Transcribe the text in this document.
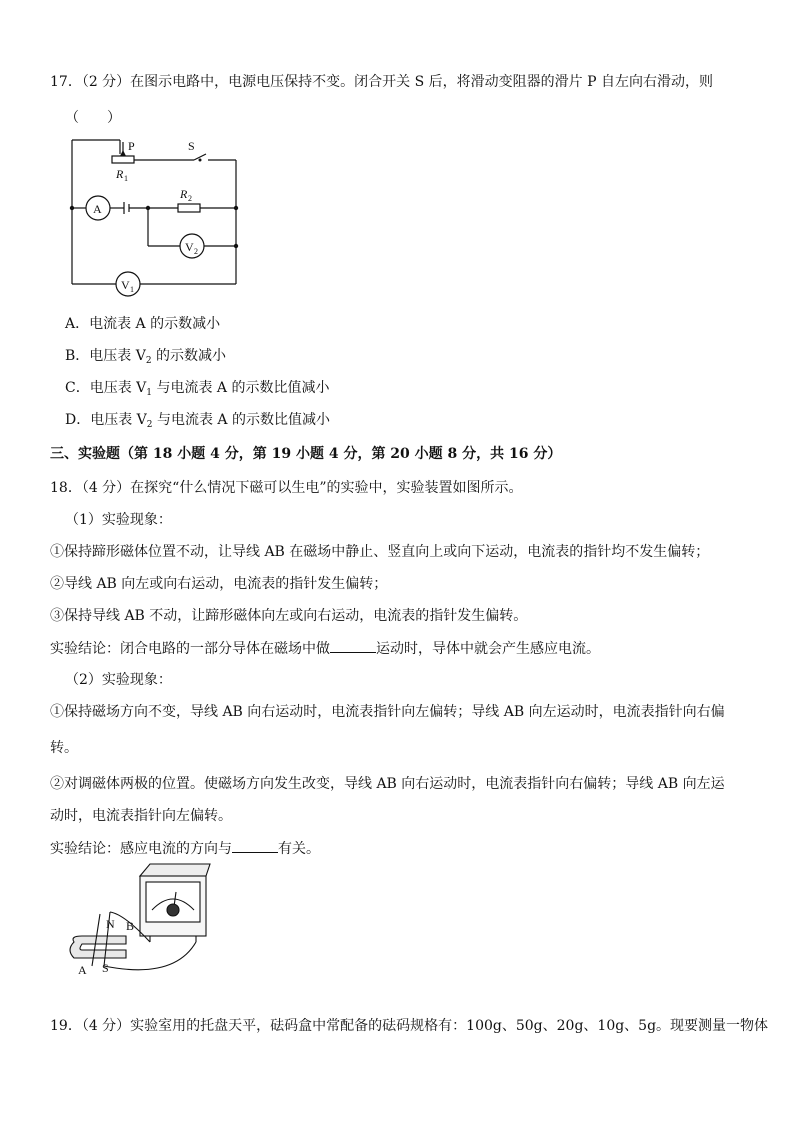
17．（2 分）在图示电路中，电源电压保持不变。闭合开关 S 后，将滑动变阻器的滑片 P 自左向右滑动，则
（　　）
P	S
R 1
R 2
A
V 2
V 1
A．电流表 A 的示数减小
B．电压表 $V_2$ 的示数减小
C．电压表 $V_1$ 与电流表 A 的示数比值减小
D．电压表 $V_2$ 与电流表 A 的示数比值减小
三、实验题（第 18 小题 4 分，第 19 小题 4 分，第 20 小题 8 分，共 16 分）
18．（4 分）在探究“什么情况下磁可以生电”的实验中，实验装置如图所示。
（1）实验现象：
①保持蹄形磁体位置不动，让导线 AB 在磁场中静止、竖直向上或向下运动，电流表的指针均不发生偏转；
②导线 AB 向左或向右运动，电流表的指针发生偏转；
③保持导线 AB 不动，让蹄形磁体向左或向右运动，电流表的指针发生偏转。
实验结论：闭合电路的一部分导体在磁场中做	运动时，导体中就会产生感应电流。
（2）实验现象：
①保持磁场方向不变，导线 AB 向右运动时，电流表指针向左偏转；导线 AB 向左运动时，电流表指针向右偏
转。
②对调磁体两极的位置。使磁场方向发生改变，导线 AB 向右运动时，电流表指针向右偏转；导线 AB 向左运
动时，电流表指针向左偏转。
实验结论：感应电流的方向与	有关。
N B
A S
19．（4 分）实验室用的托盘天平，砝码盒中常配备的砝码规格有：100g、50g、20g、10g、5g。现要测量一物体
